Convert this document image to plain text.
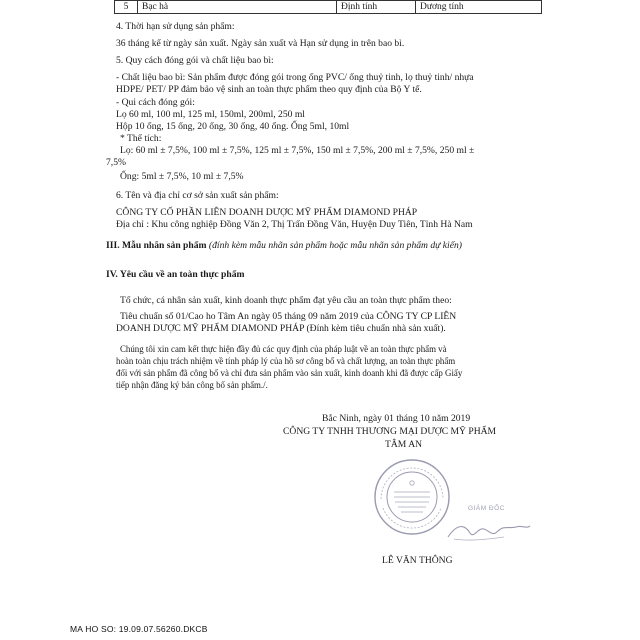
5	Bạc hà	Định tính	Dương tính
4. Thời hạn sử dụng sản phẩm:
36 tháng kể từ ngày sản xuất. Ngày sản xuất và Hạn sử dụng in trên bao bì.
5. Quy cách đóng gói và chất liệu bao bì:
- Chất liệu bao bì: Sản phẩm được đóng gói trong ống PVC/ ống thuỷ tinh, lọ thuỷ tinh/ nhựa
HDPE/ PET/ PP đảm bảo vệ sinh an toàn thực phẩm theo quy định của Bộ Y tế.
- Qui cách đóng gói:
Lọ 60 ml, 100 ml, 125 ml, 150ml, 200ml, 250 ml
Hộp 10 ống, 15 ống, 20 ống, 30 ống, 40 ống. Ống 5ml, 10ml
* Thể tích:
Lọ: 60 ml ± 7,5%, 100 ml ± 7,5%, 125 ml ± 7,5%, 150 ml ± 7,5%, 200 ml ± 7,5%, 250 ml ±
7,5%
Ống: 5ml ± 7,5%, 10 ml ± 7,5%
6. Tên và địa chỉ cơ sở sản xuất sản phẩm:
CÔNG TY CỔ PHẦN LIÊN DOANH DƯỢC MỸ PHẨM DIAMOND PHÁP
Địa chỉ : Khu công nghiệp Đồng Văn 2, Thị Trấn Đồng Văn, Huyện Duy Tiên, Tỉnh Hà Nam
III. Mẫu nhãn sản phẩm (đính kèm mẫu nhãn sản phẩm hoặc mẫu nhãn sản phẩm dự kiến)
IV. Yêu cầu về an toàn thực phẩm
Tổ chức, cá nhân sản xuất, kinh doanh thực phẩm đạt yêu cầu an toàn thực phẩm theo:
Tiêu chuẩn số 01/Cao ho Tâm An ngày 05 tháng 09 năm 2019 của CÔNG TY CP LIÊN
DOANH DƯỢC MỸ PHẨM DIAMOND PHÁP (Đính kèm tiêu chuẩn nhà sản xuất).
Chúng tôi xin cam kết thực hiện đầy đủ các quy định của pháp luật về an toàn thực phẩm và
hoàn toàn chịu trách nhiệm về tính pháp lý của hồ sơ công bố và chất lượng, an toàn thực phẩm
đối với sản phẩm đã công bố và chỉ đưa sản phẩm vào sản xuất, kinh doanh khi đã được cấp Giấy
tiếp nhận đăng ký bản công bố sản phẩm./.
Bắc Ninh, ngày 01 tháng 10 năm 2019
CÔNG TY TNHH THƯƠNG MẠI DƯỢC MỸ PHẨM
TÂM AN
GIÁM ĐỐC
LÊ VĂN THÔNG
MA HO SO: 19.09.07.56260.DKCB
